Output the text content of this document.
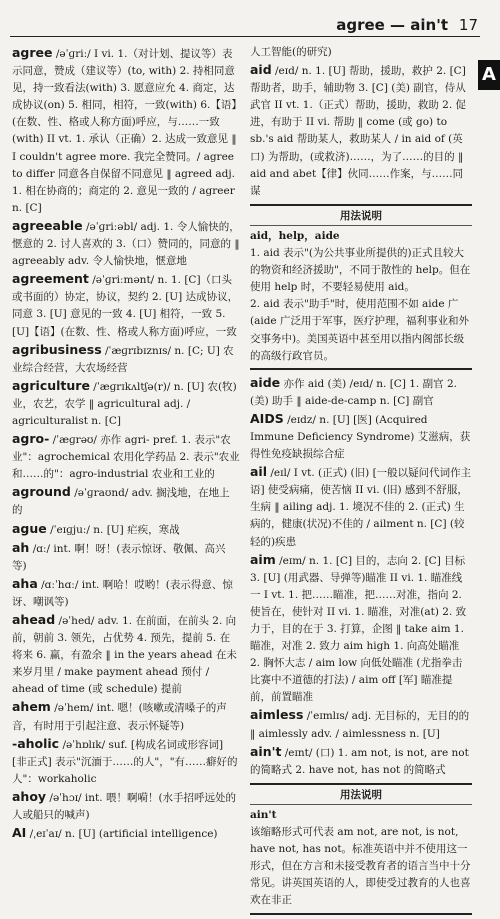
agree — ain't 17
A

agree /əˈɡriː/ I vi. 1.（对计划、提议等）表示同意，赞成（建议等）(to, with) 2. 持相同意见，持一致看法(with) 3. 愿意应允 4. 商定，达成协议(on) 5. 相同，相符，一致(with) 6.【语】(在数、性、格或人称方面)呼应，与……一致(with) II vt. 1. 承认（正确）2. 达成一致意见 ‖ I couldn't agree more. 我完全赞同。/ agree to differ 同意各自保留不同意见 ‖ agreed adj. 1. 相在协商的；商定的 2. 意见一致的 / agreer n. [C]

agreeable /əˈɡriːəbl/ adj. 1. 令人愉快的，惬意的 2. 讨人喜欢的 3.（口）赞同的，同意的 ‖ agreeably adv. 令人愉快地，惬意地

agreement /əˈɡriːmənt/ n. 1. [C]（口头或书面的）协定，协议，契约 2. [U] 达成协议，同意 3. [U] 意见的一致 4. [U] 相符，一致 5. [U]【语】(在数、性、格或人称方面)呼应，一致

agribusiness /ˈæɡrɪbɪznɪs/ n. [C; U] 农业综合经营，大农场经营

agriculture /ˈæɡrɪkʌltʃə(r)/ n. [U] 农(牧)业，农艺，农学 ‖ agricultural adj. / agriculturalist n. [C]

agro- /ˈæɡrəʊ/ 亦作 agri- pref. 1. 表示"农业"：agrochemical 农用化学药品 2. 表示"农业和……的"：agro-industrial 农业和工业的

aground /əˈɡraʊnd/ adv. 搁浅地，在地上的

ague /ˈeɪɡjuː/ n. [U] 疟疾，寒战

ah /ɑː/ int. 啊！呀！(表示惊讶、敬佩、高兴等)

aha /ɑːˈhɑː/ int. 啊哈！哎哟！(表示得意、惊讶、嘲讽等)

ahead /əˈhed/ adv. 1. 在前面，在前头 2. 向前，朝前 3. 领先，占优势 4. 预先，提前 5. 在将来 6. 赢，有盈余 ‖ in the years ahead 在未来岁月里 / make payment ahead 预付 / ahead of time (或 schedule) 提前

ahem /əˈhem/ int. 嗯！(咳嗽或清嗓子的声音，有时用于引起注意、表示怀疑等)

-aholic /əˈhɒlɪk/ suf. [构成名词或形容词] [非正式] 表示"沉湎于……的人"，"有……癖好的人"：workaholic

ahoy /əˈhɔɪ/ int. 喂！啊嗬！(水手招呼远处的人或船只的喊声)

AI /ˌeɪˈaɪ/ n. [U] (artificial intelligence)

人工智能(的研究)

aid /eɪd/ n. 1. [U] 帮助，援助，救护 2. [C] 帮助者，助手，辅助物 3. [C] (美) 副官，侍从武官 II vt. 1.（正式）帮助，援助，救助 2. 促进，有助于 II vi. 帮助 ‖ come (或 go) to sb.'s aid 帮助某人，救助某人 / in aid of (英口) 为帮助，(或救济)……，为了……的目的 ‖ aid and abet【律】伙同……作案，与……同谋

用法说明

aid，help，aide

1. aid 表示"(为公共事业所提供的)正式且较大的物资和经济援助"，不同于散性的 help。但在使用 help 时，不要轻易使用 aid。

2. aid 表示"助手"时，使用范围不如 aide 广 (aide 广泛用于军事，医疗护理，福利事业和外交事务中)。美国英语中甚至用以指内阁部长级的高级行政官员。

aide 亦作 aid (美) /eɪd/ n. [C] 1. 副官 2. (美) 助手 ‖ aide-de-camp n. [C] 副官

AIDS /eɪdz/ n. [U] [医] (Acquired Immune Deficiency Syndrome) 艾滋病，获得性免疫缺损综合症

ail /eɪl/ I vt. (正式) (旧) [一般以疑问代词作主语] 使受病痛，使苦恼 II vi. (旧) 感到不舒服，生病 ‖ ailing adj. 1. 境况不佳的 2. (正式) 生病的，健康(状况)不佳的 / ailment n. [C] (较轻的)疾患

aim /eɪm/ n. 1. [C] 目的，志向 2. [C] 目标 3. [U] (用武器、导弹等)瞄准 II vi. 1. 瞄准线一 I vt. 1. 把……瞄准，把……对准，指向 2. 使旨在，使针对 II vi. 1. 瞄准，对准(at) 2. 致力于，目的在于 3. 打算，企图 ‖ take aim 1. 瞄准，对准 2. 致力 aim high 1. 向高处瞄准 2. 胸怀大志 / aim low 向低处瞄准 (尤指拳击比赛中不道德的打法) / aim off [军] 瞄准提前，前置瞄准

aimless /ˈeɪmlɪs/ adj. 无目标的，无目的的 ‖ aimlessly adv. / aimlessness n. [U]

ain't /eɪnt/ (口) 1. am not, is not, are not 的简略式 2. have not, has not 的简略式

用法说明

ain't

该缩略形式可代表 am not, are not, is not, have not, has not。标准英语中并不使用这一形式，但在方言和未接受教育者的语言当中十分常见。讲英国英语的人，即使受过教育的人也喜欢在非正
